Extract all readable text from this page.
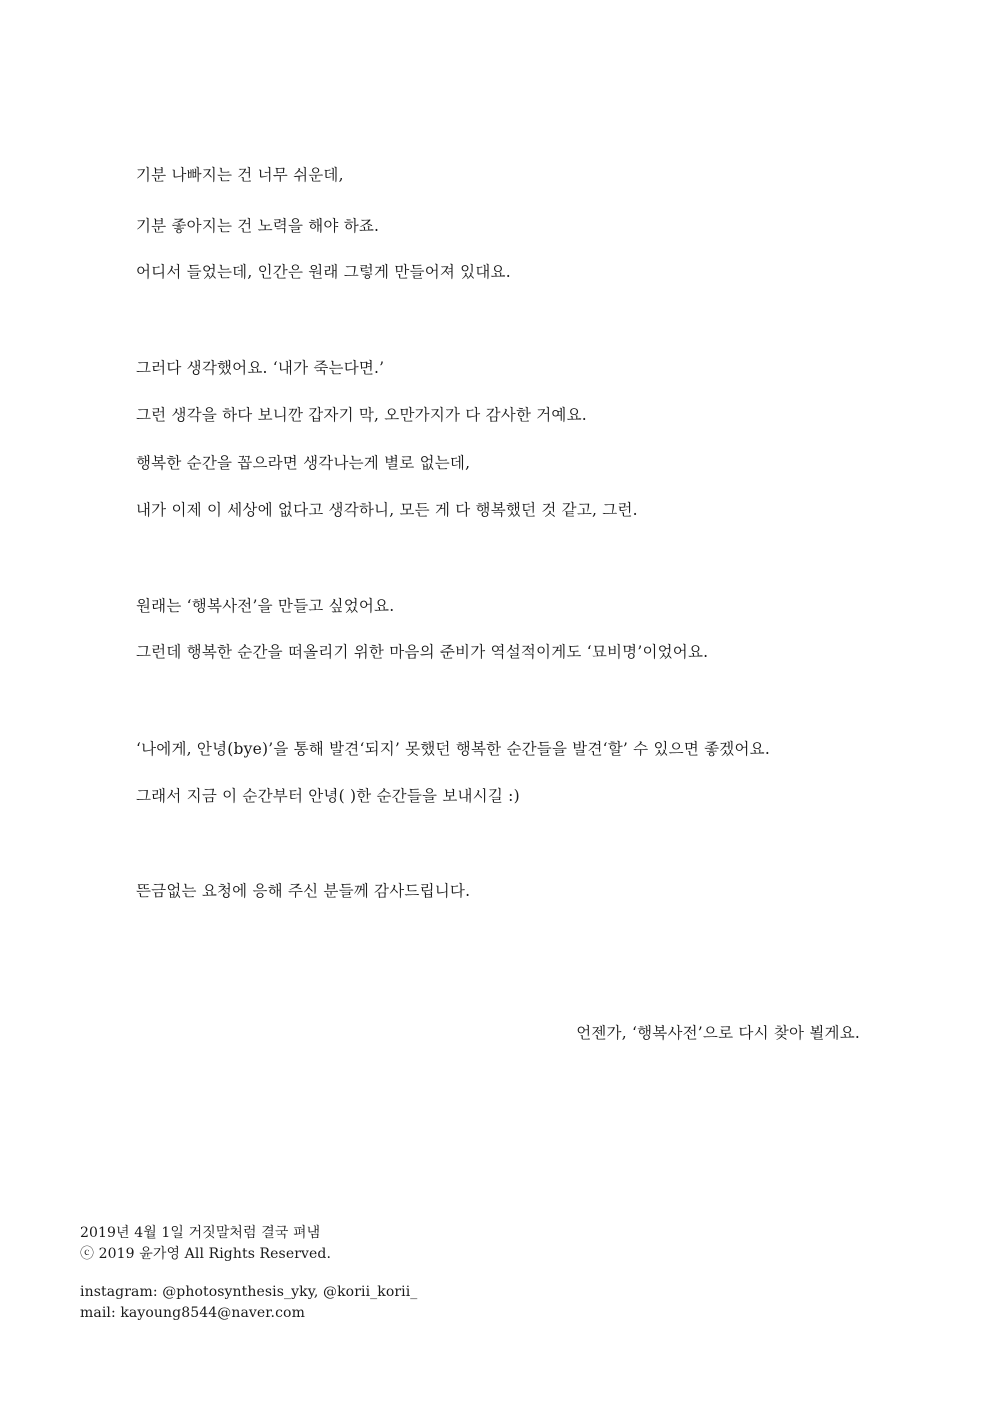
기분 나빠지는 건 너무 쉬운데,
기분 좋아지는 건 노력을 해야 하죠.
어디서 들었는데, 인간은 원래 그렇게 만들어져 있대요.
그러다 생각했어요. ‘내가 죽는다면.’
그런 생각을 하다 보니깐 갑자기 막, 오만가지가 다 감사한 거예요.
행복한 순간을 꼽으라면 생각나는게 별로 없는데,
내가 이제 이 세상에 없다고 생각하니, 모든 게 다 행복했던 것 같고, 그런.
원래는 ‘행복사전’을 만들고 싶었어요.
그런데 행복한 순간을 떠올리기 위한 마음의 준비가 역설적이게도 ‘묘비명’이었어요.
‘나에게, 안녕(bye)’을 통해 발견‘되지’ 못했던 행복한 순간들을 발견‘할’ 수 있으면 좋겠어요.
그래서 지금 이 순간부터 안녕( )한 순간들을 보내시길 :)
뜬금없는 요청에 응해 주신 분들께 감사드립니다.
언젠가, ‘행복사전’으로 다시 찾아 뵐게요.
2019년 4월 1일 거짓말처럼 결국 펴냄
ⓒ 2019 윤가영 All Rights Reserved.
instagram: @photosynthesis_yky, @korii_korii_
mail: kayoung8544@naver.com
